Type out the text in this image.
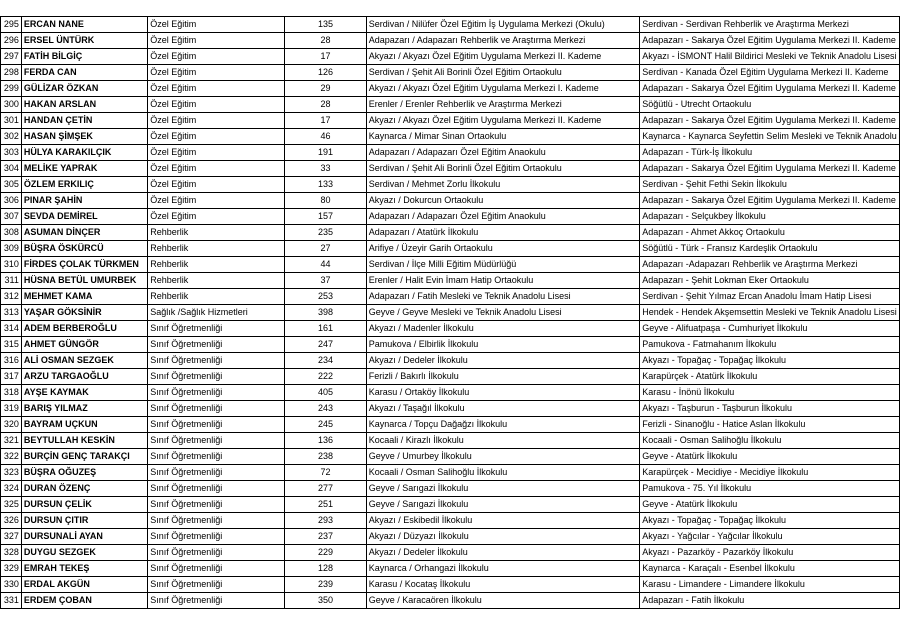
295	ERCAN NANE	Özel Eğitim	135	Serdivan / Nilüfer Özel Eğitim İş Uygulama Merkezi (Okulu)	Serdivan - Serdivan Rehberlik ve Araştırma Merkezi
296	ERSEL ÜNTÜRK	Özel Eğitim	28	Adapazarı / Adapazarı Rehberlik ve Araştırma Merkezi	Adapazarı - Sakarya Özel Eğitim Uygulama Merkezi II. Kademe
297	FATİH BİLGİÇ	Özel Eğitim	17	Akyazı / Akyazı Özel Eğitim Uygulama Merkezi II. Kademe	Akyazı - İSMONT Halil Bildirici Mesleki ve Teknik Anadolu Lisesi
298	FERDA CAN	Özel Eğitim	126	Serdivan / Şehit Ali Borinli Özel Eğitim Ortaokulu	Serdivan - Kanada Özel Eğitim Uygulama Merkezi II. Kademe
299	GÜLİZAR ÖZKAN	Özel Eğitim	29	Akyazı / Akyazı Özel Eğitim Uygulama Merkezi I. Kademe	Adapazarı - Sakarya Özel Eğitim Uygulama Merkezi II. Kademe
300	HAKAN ARSLAN	Özel Eğitim	28	Erenler / Erenler Rehberlik ve Araştırma Merkezi	Söğütlü - Utrecht Ortaokulu
301	HANDAN ÇETİN	Özel Eğitim	17	Akyazı / Akyazı Özel Eğitim Uygulama Merkezi II. Kademe	Adapazarı - Sakarya Özel Eğitim Uygulama Merkezi II. Kademe
302	HASAN ŞİMŞEK	Özel Eğitim	46	Kaynarca / Mimar Sinan Ortaokulu	Kaynarca - Kaynarca Seyfettin Selim Mesleki ve Teknik Anadolu
303	HÜLYA KARAKILÇIK	Özel Eğitim	191	Adapazarı / Adapazarı Özel Eğitim Anaokulu	Adapazarı - Türk-İş İlkokulu
304	MELİKE YAPRAK	Özel Eğitim	33	Serdivan / Şehit Ali Borinli Özel Eğitim Ortaokulu	Adapazarı - Sakarya Özel Eğitim Uygulama Merkezi II. Kademe
305	ÖZLEM ERKILIÇ	Özel Eğitim	133	Serdivan / Mehmet Zorlu İlkokulu	Serdivan - Şehit Fethi Sekin İlkokulu
306	PINAR ŞAHİN	Özel Eğitim	80	Akyazı / Dokurcun Ortaokulu	Adapazarı - Sakarya Özel Eğitim Uygulama Merkezi II. Kademe
307	SEVDA DEMİREL	Özel Eğitim	157	Adapazarı / Adapazarı Özel Eğitim Anaokulu	Adapazarı - Selçukbey İlkokulu
308	ASUMAN DİNÇER	Rehberlik	235	Adapazarı / Atatürk İlkokulu	Adapazarı - Ahmet Akkoç Ortaokulu
309	BÜŞRA ÖSKÜRCÜ	Rehberlik	27	Arifiye / Üzeyir Garih Ortaokulu	Söğütlü - Türk - Fransız Kardeşlik Ortaokulu
310	FİRDES ÇOLAK TÜRKMEN	Rehberlik	44	Serdivan / İlçe Milli Eğitim Müdürlüğü	Adapazarı -Adapazarı Rehberlik ve Araştırma Merkezi
311	HÜSNA BETÜL UMURBEK	Rehberlik	37	Erenler / Halit Evin İmam Hatip Ortaokulu	Adapazarı - Şehit Lokman Eker Ortaokulu
312	MEHMET KAMA	Rehberlik	253	Adapazarı / Fatih Mesleki ve Teknik Anadolu Lisesi	Serdivan - Şehit Yılmaz Ercan Anadolu İmam Hatip Lisesi
313	YAŞAR GÖKSİNİR	Sağlık /Sağlık Hizmetleri	398	Geyve / Geyve Mesleki ve Teknik Anadolu Lisesi	Hendek - Hendek Akşemsettin Mesleki ve Teknik Anadolu Lisesi
314	ADEM BERBEROĞLU	Sınıf Öğretmenliği	161	Akyazı / Madenler İlkokulu	Geyve - Alifuatpaşa - Cumhuriyet İlkokulu
315	AHMET GÜNGÖR	Sınıf Öğretmenliği	247	Pamukova / Elbirlik İlkokulu	Pamukova - Fatmahanım İlkokulu
316	ALİ OSMAN SEZGEK	Sınıf Öğretmenliği	234	Akyazı / Dedeler İlkokulu	Akyazı - Topağaç - Topağaç İlkokulu
317	ARZU TARGAOĞLU	Sınıf Öğretmenliği	222	Ferizli / Bakırlı İlkokulu	Karapürçek - Atatürk İlkokulu
318	AYŞE KAYMAK	Sınıf Öğretmenliği	405	Karasu / Ortaköy İlkokulu	Karasu - İnönü İlkokulu
319	BARIŞ YILMAZ	Sınıf Öğretmenliği	243	Akyazı / Taşağıl İlkokulu	Akyazı - Taşburun - Taşburun İlkokulu
320	BAYRAM UÇKUN	Sınıf Öğretmenliği	245	Kaynarca / Topçu Dağağzı İlkokulu	Ferizli - Sinanoğlu - Hatice Aslan İlkokulu
321	BEYTULLAH KESKİN	Sınıf Öğretmenliği	136	Kocaali / Kirazlı İlkokulu	Kocaali - Osman Salihoğlu İlkokulu
322	BURÇİN GENÇ TARAKÇI	Sınıf Öğretmenliği	238	Geyve / Umurbey İlkokulu	Geyve - Atatürk İlkokulu
323	BÜŞRA OĞUZEŞ	Sınıf Öğretmenliği	72	Kocaali / Osman Salihoğlu İlkokulu	Karapürçek - Mecidiye - Mecidiye İlkokulu
324	DURAN ÖZENÇ	Sınıf Öğretmenliği	277	Geyve / Sarıgazi İlkokulu	Pamukova - 75. Yıl İlkokulu
325	DURSUN ÇELİK	Sınıf Öğretmenliği	251	Geyve / Sarıgazi İlkokulu	Geyve - Atatürk İlkokulu
326	DURSUN ÇITIR	Sınıf Öğretmenliği	293	Akyazı / Eskibedil İlkokulu	Akyazı - Topağaç - Topağaç İlkokulu
327	DURSUNALİ AYAN	Sınıf Öğretmenliği	237	Akyazı / Düzyazı İlkokulu	Akyazı - Yağcılar - Yağcılar İlkokulu
328	DUYGU SEZGEK	Sınıf Öğretmenliği	229	Akyazı / Dedeler İlkokulu	Akyazı - Pazarköy - Pazarköy İlkokulu
329	EMRAH TEKEŞ	Sınıf Öğretmenliği	128	Kaynarca / Orhangazi İlkokulu	Kaynarca - Karaçalı - Esenbel İlkokulu
330	ERDAL AKGÜN	Sınıf Öğretmenliği	239	Karasu / Kocataş İlkokulu	Karasu - Limandere - Limandere İlkokulu
331	ERDEM ÇOBAN	Sınıf Öğretmenliği	350	Geyve / Karacaören İlkokulu	Adapazarı - Fatih İlkokulu
